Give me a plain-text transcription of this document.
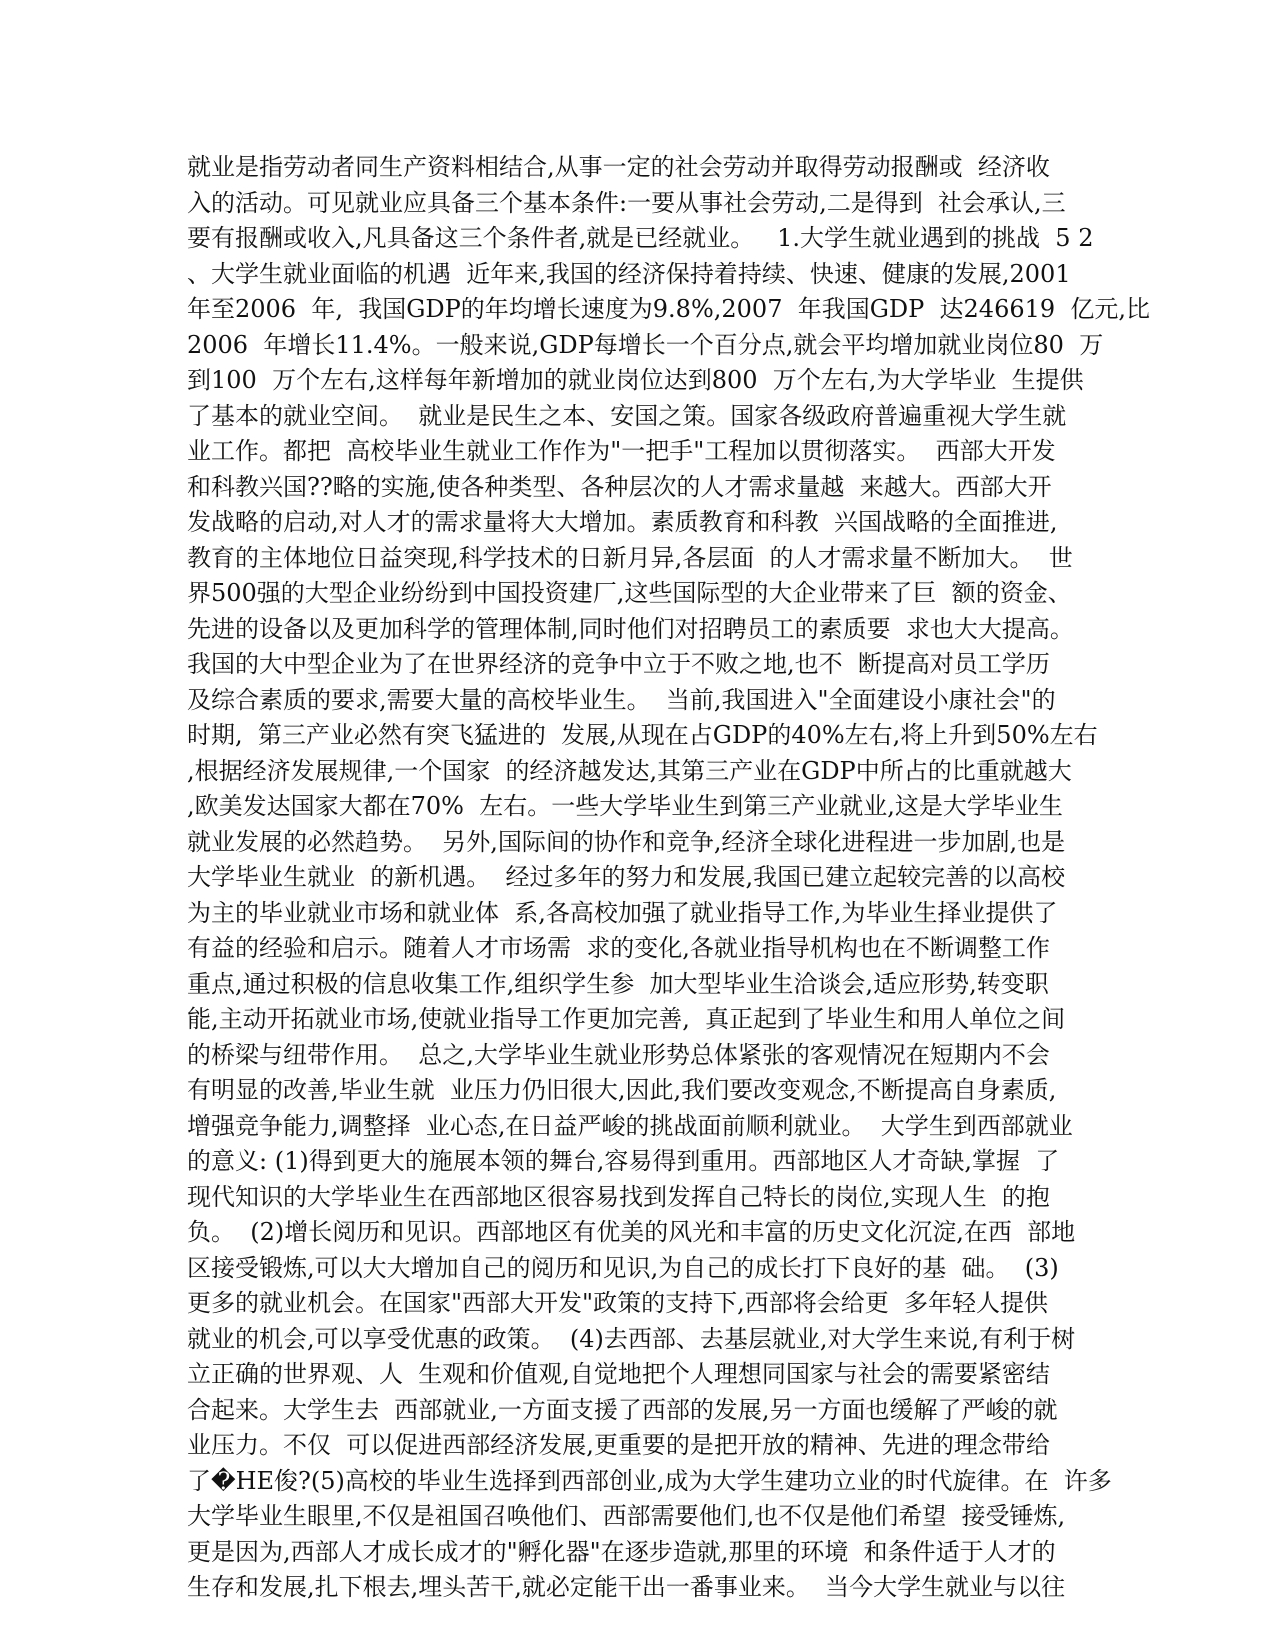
就业是指劳动者同生产资料相结合,从事一定的社会劳动并取得劳动报酬或  经济收
入的活动。可见就业应具备三个基本条件:一要从事社会劳动,二是得到  社会承认,三
要有报酬或收入,凡具备这三个条件者,就是已经就业。   1.大学生就业遇到的挑战  5 2
、大学生就业面临的机遇  近年来,我国的经济保持着持续、快速、健康的发展,2001
年至2006  年,  我国GDP的年均增长速度为9.8%,2007  年我国GDP  达246619  亿元,比
2006  年增长11.4%。一般来说,GDP每增长一个百分点,就会平均增加就业岗位80  万
到100  万个左右,这样每年新增加的就业岗位达到800  万个左右,为大学毕业  生提供
了基本的就业空间。  就业是民生之本、安国之策。国家各级政府普遍重视大学生就
业工作。都把  高校毕业生就业工作作为"一把手"工程加以贯彻落实。  西部大开发
和科教兴国??略的实施,使各种类型、各种层次的人才需求量越  来越大。西部大开
发战略的启动,对人才的需求量将大大增加。素质教育和科教  兴国战略的全面推进,
教育的主体地位日益突现,科学技术的日新月异,各层面  的人才需求量不断加大。  世
界500强的大型企业纷纷到中国投资建厂,这些国际型的大企业带来了巨  额的资金、
先进的设备以及更加科学的管理体制,同时他们对招聘员工的素质要  求也大大提高。
我国的大中型企业为了在世界经济的竞争中立于不败之地,也不  断提高对员工学历
及综合素质的要求,需要大量的高校毕业生。  当前,我国进入"全面建设小康社会"的
时期,  第三产业必然有突飞猛进的  发展,从现在占GDP的40%左右,将上升到50%左右
,根据经济发展规律,一个国家  的经济越发达,其第三产业在GDP中所占的比重就越大
,欧美发达国家大都在70%  左右。一些大学毕业生到第三产业就业,这是大学毕业生
就业发展的必然趋势。  另外,国际间的协作和竞争,经济全球化进程进一步加剧,也是
大学毕业生就业  的新机遇。  经过多年的努力和发展,我国已建立起较完善的以高校
为主的毕业就业市场和就业体  系,各高校加强了就业指导工作,为毕业生择业提供了
有益的经验和启示。随着人才市场需  求的变化,各就业指导机构也在不断调整工作
重点,通过积极的信息收集工作,组织学生参  加大型毕业生洽谈会,适应形势,转变职
能,主动开拓就业市场,使就业指导工作更加完善,  真正起到了毕业生和用人单位之间
的桥梁与纽带作用。  总之,大学毕业生就业形势总体紧张的客观情况在短期内不会
有明显的改善,毕业生就  业压力仍旧很大,因此,我们要改变观念,不断提高自身素质,
增强竞争能力,调整择  业心态,在日益严峻的挑战面前顺利就业。  大学生到西部就业
的意义: (1)得到更大的施展本领的舞台,容易得到重用。西部地区人才奇缺,掌握  了
现代知识的大学毕业生在西部地区很容易找到发挥自己特长的岗位,实现人生  的抱
负。  (2)增长阅历和见识。西部地区有优美的风光和丰富的历史文化沉淀,在西  部地
区接受锻炼,可以大大增加自己的阅历和见识,为自己的成长打下良好的基  础。  (3)
更多的就业机会。在国家"西部大开发"政策的支持下,西部将会给更  多年轻人提供
就业的机会,可以享受优惠的政策。  (4)去西部、去基层就业,对大学生来说,有利于树
立正确的世界观、人  生观和价值观,自觉地把个人理想同国家与社会的需要紧密结
合起来。大学生去  西部就业,一方面支援了西部的发展,另一方面也缓解了严峻的就
业压力。不仅  可以促进西部经济发展,更重要的是把开放的精神、先进的理念带给
了�НЕ俊?(5)高校的毕业生选择到西部创业,成为大学生建功立业的时代旋律。在  许多
大学毕业生眼里,不仅是祖国召唤他们、西部需要他们,也不仅是他们希望  接受锤炼,
更是因为,西部人才成长成才的"孵化器"在逐步造就,那里的环境  和条件适于人才的
生存和发展,扎下根去,埋头苦干,就必定能干出一番事业来。  当今大学生就业与以往
